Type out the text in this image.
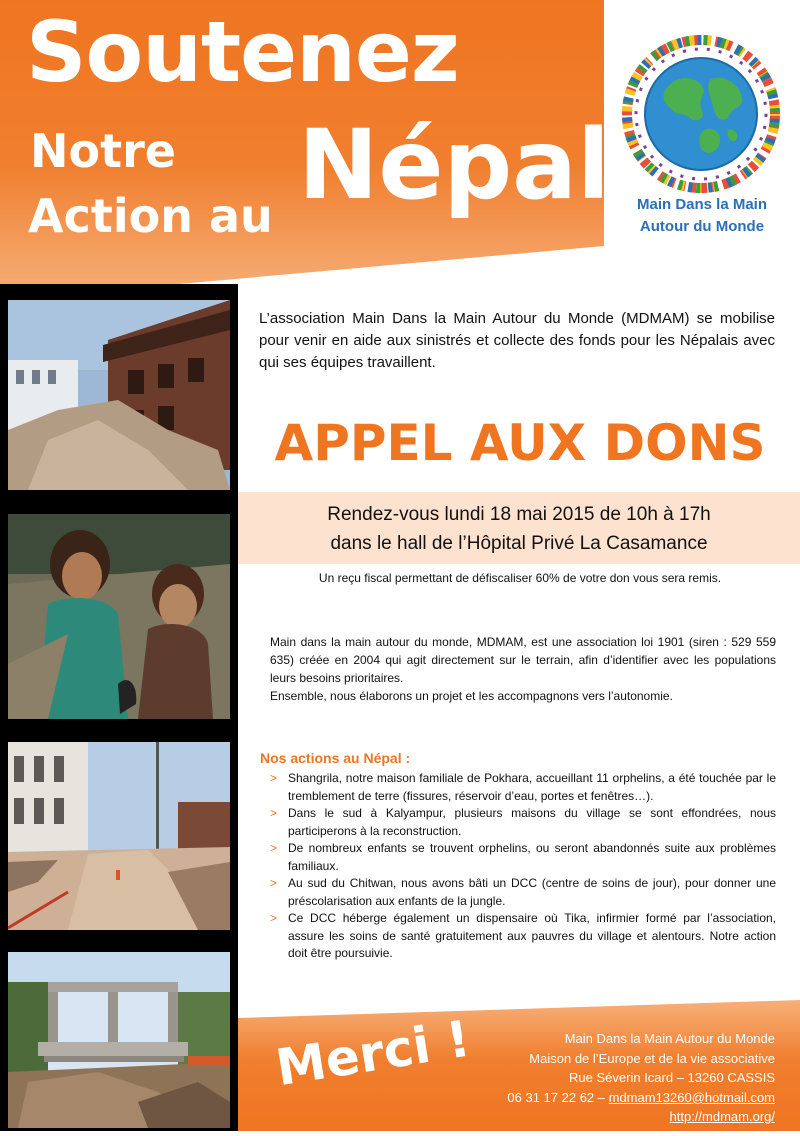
Soutenez
Notre
Action au Népal	Main Dans la Main
Autour du Monde
L’association Main Dans la Main Autour du Monde (MDMAM) se mobilise pour venir en aide aux sinistrés et collecte des fonds pour les Népalais avec qui ses équipes travaillent.
APPEL AUX DONS
Rendez-vous lundi 18 mai 2015 de 10h à 17h
dans le hall de l’Hôpital Privé La Casamance
Un reçu fiscal permettant de défiscaliser 60% de votre don vous sera remis.

Main dans la main autour du monde, MDMAM, est une association loi 1901 (siren : 529 559 635) créée en 2004 qui agit directement sur le terrain, afin d’identifier avec les populations leurs besoins prioritaires.

Ensemble, nous élaborons un projet et les accompagnons vers l’autonomie.

Nos actions au Népal :
> Shangrila, notre maison familiale de Pokhara, accueillant 11 orphelins, a été touchée par le tremblement de terre (fissures, réservoir d’eau, portes et fenêtres…).
> Dans le sud à Kalyampur, plusieurs maisons du village se sont effondrées, nous participerons à la reconstruction.
> De nombreux enfants se trouvent orphelins, ou seront abandonnés suite aux problèmes familiaux.
> Au sud du Chitwan, nous avons bâti un DCC (centre de soins de jour), pour donner une préscolarisation aux enfants de la jungle.
> Ce DCC héberge également un dispensaire où Tika, infirmier formé par l’association, assure les soins de santé gratuitement aux pauvres du village et alentours. Notre action doit être poursuivie.
Merci !	Main Dans la Main Autour du Monde
Maison de l’Europe et de la vie associative
Rue Séverin Icard – 13260 CASSIS
06 31 17 22 62 – mdmam13260@hotmail.com
http://mdmam.org/
